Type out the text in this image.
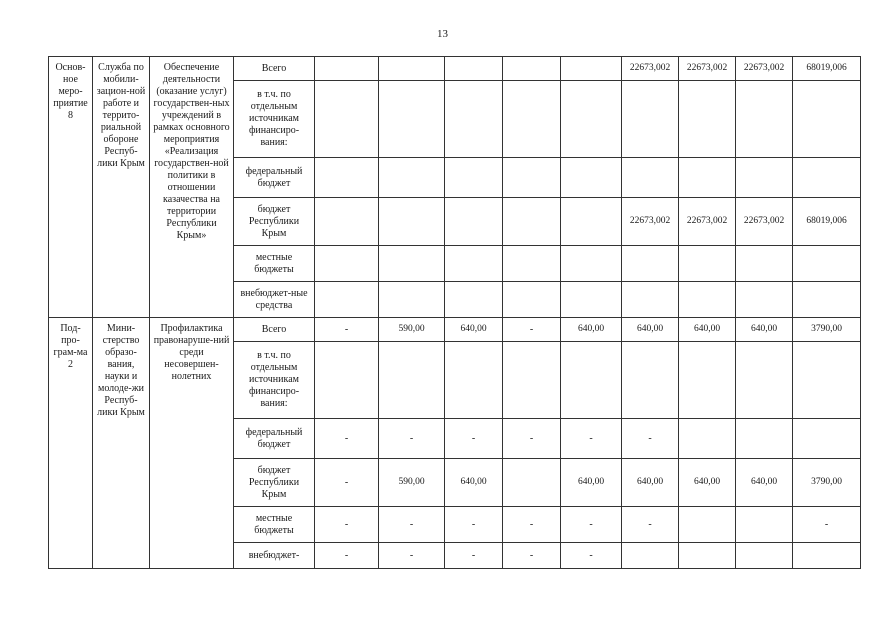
13
Основ-ное меро-приятие 8	Служба по мобили-зацион-ной работе и террито-риальной обороне Респуб-лики Крым	Обеспечение деятельности (оказание услуг) государствен-ных учреждений в рамках основного мероприятия «Реализация государствен-ной политики в отношении казачества на территории Республики Крым»	Всего						22673,002	22673,002	22673,002	68019,006
			в т.ч. по отдельным источникам финансиро-вания:									
			федеральный бюджет									
			бюджет Республики Крым						22673,002	22673,002	22673,002	68019,006
			местные бюджеты									
			внебюджет-ные средства									
Под-про-грам-ма 2	Мини-стерство образо-вания, науки и молоде-жи Респуб-лики Крым	Профилактика правонаруше-ний среди несовершен-нолетних	Всего	-	590,00	640,00	-	640,00	640,00	640,00	640,00	3790,00
			в т.ч. по отдельным источникам финансиро-вания:									
			федеральный бюджет	-	-	-	-	-	-			
			бюджет Республики Крым	-	590,00	640,00		640,00	640,00	640,00	640,00	3790,00
			местные бюджеты	-	-	-	-	-	-			-
			внебюджет-	-	-	-	-	-				
